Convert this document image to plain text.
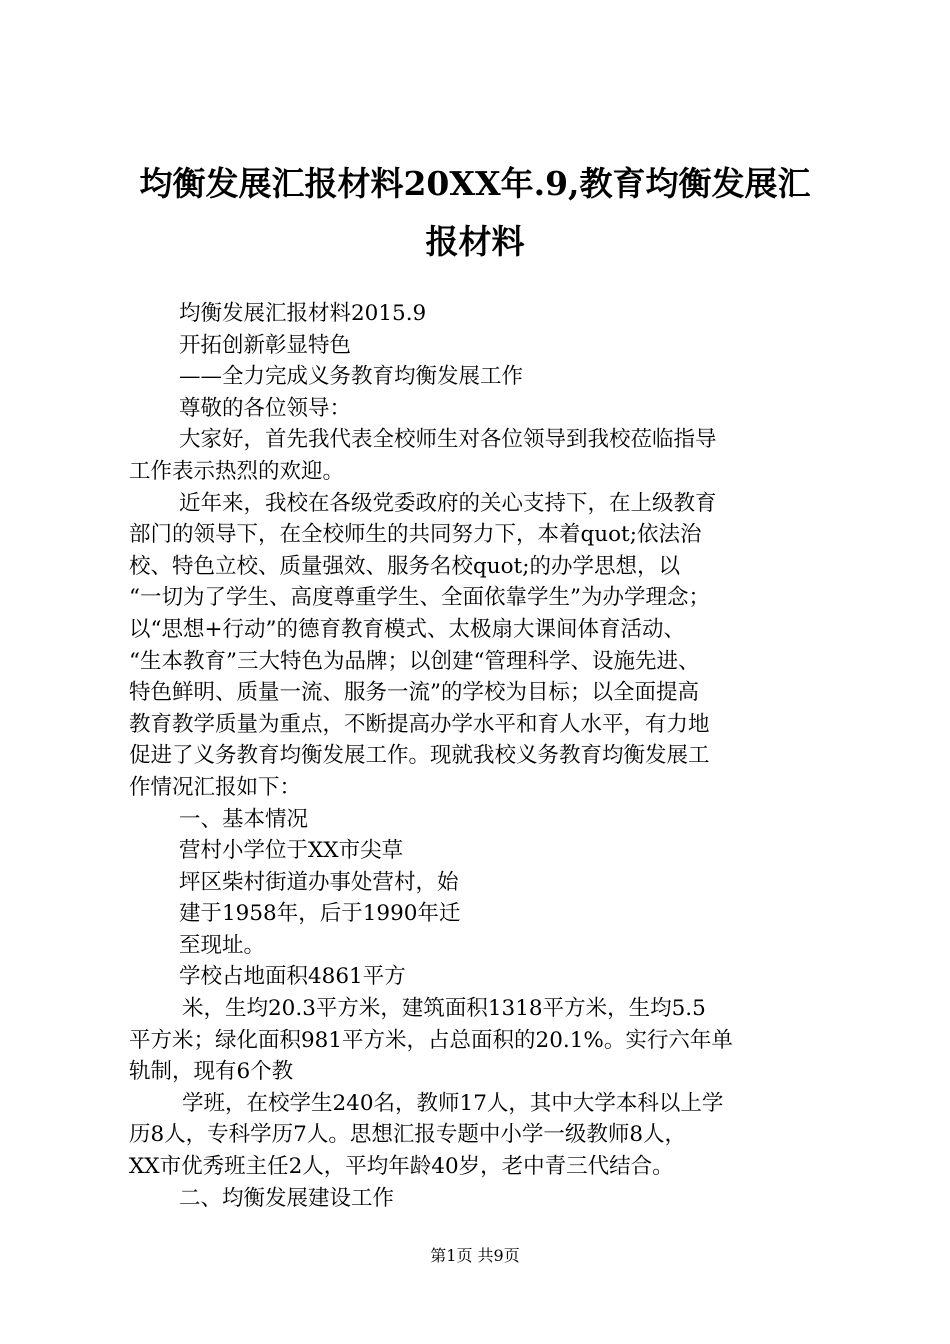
均衡发展汇报材料20XX年.9,教育均衡发展汇
报材料
均衡发展汇报材料2015.9
开拓创新彰显特色
——全力完成义务教育均衡发展工作
尊敬的各位领导：
大家好，首先我代表全校师生对各位领导到我校莅临指导
工作表示热烈的欢迎。
近年来，我校在各级党委政府的关心支持下，在上级教育
部门的领导下，在全校师生的共同努力下，本着quot;依法治
校、特色立校、质量强效、服务名校quot;的办学思想，以
“一切为了学生、高度尊重学生、全面依靠学生”为办学理念；
以“思想+行动”的德育教育模式、太极扇大课间体育活动、
“生本教育”三大特色为品牌；以创建“管理科学、设施先进、
特色鲜明、质量一流、服务一流”的学校为目标；以全面提高
教育教学质量为重点，不断提高办学水平和育人水平，有力地
促进了义务教育均衡发展工作。现就我校义务教育均衡发展工
作情况汇报如下：
一、基本情况
营村小学位于XX市尖草
坪区柴村街道办事处营村，始
建于1958年，后于1990年迁
至现址。
学校占地面积4861平方
米，生均20.3平方米，建筑面积1318平方米，生均5.5
平方米；绿化面积981平方米，占总面积的20.1%。实行六年单
轨制，现有6个教
学班，在校学生240名，教师17人，其中大学本科以上学
历8人，专科学历7人。思想汇报专题中小学一级教师8人，
XX市优秀班主任2人，平均年龄40岁，老中青三代结合。
二、均衡发展建设工作
第1页 共9页
